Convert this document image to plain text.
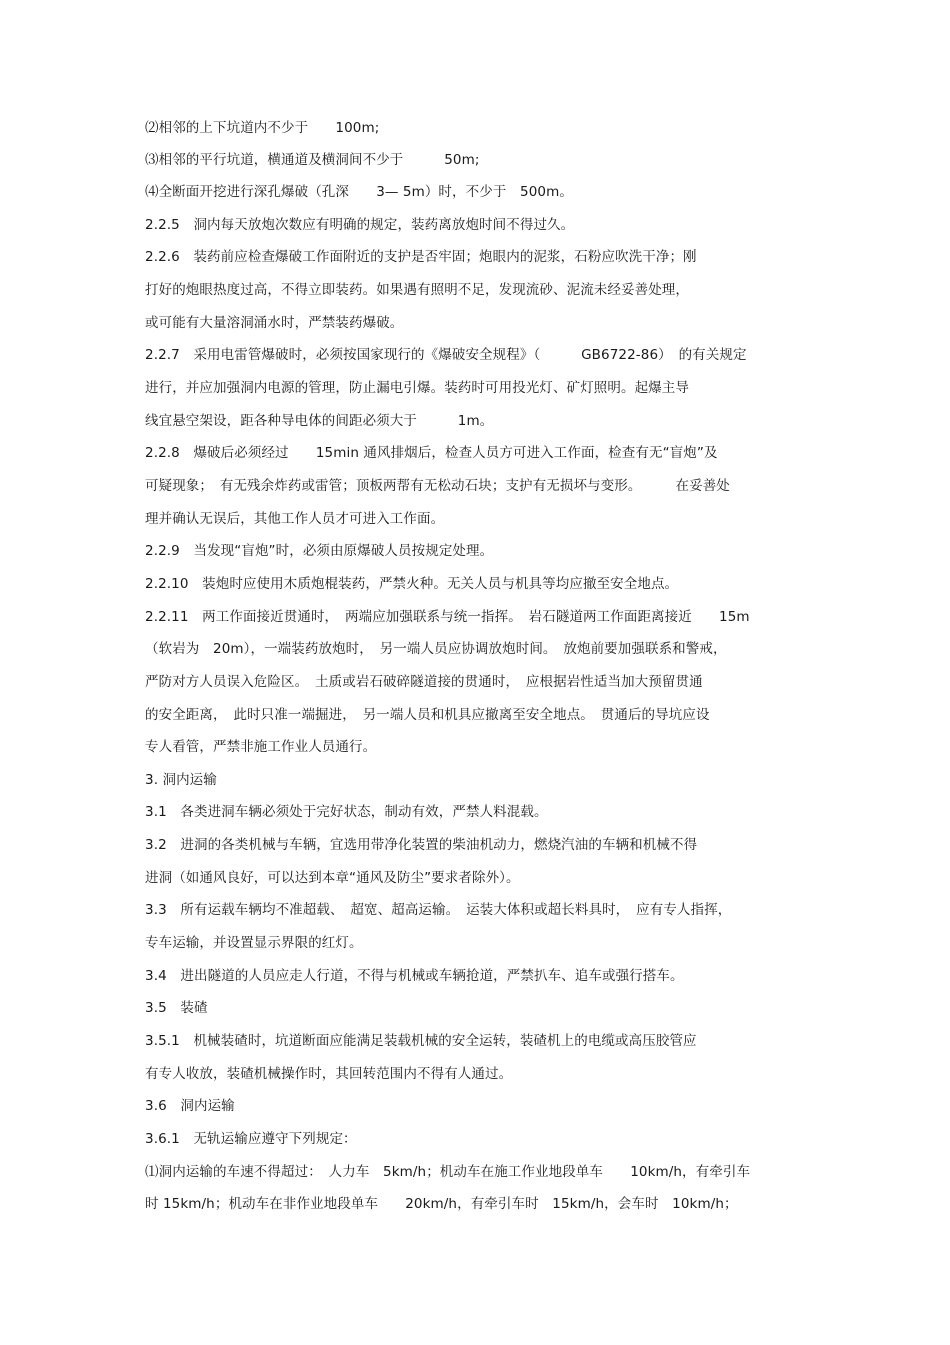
⑵相邻的上下坑道内不少于　　100m;
⑶相邻的平行坑道，横通道及横洞间不少于　　　50m;
⑷全断面开挖进行深孔爆破（孔深　　3— 5m）时，不少于　500m。
2.2.5　洞内每天放炮次数应有明确的规定，装药离放炮时间不得过久。
2.2.6　装药前应检查爆破工作面附近的支护是否牢固；炮眼内的泥浆，石粉应吹洗干净；刚
打好的炮眼热度过高，不得立即装药。如果遇有照明不足，发现流砂、泥流未经妥善处理，
或可能有大量溶洞涌水时，严禁装药爆破。
2.2.7　采用电雷管爆破时，必须按国家现行的《爆破安全规程》（　　　GB6722-86）　的有关规定
进行，并应加强洞内电源的管理，防止漏电引爆。装药时可用投光灯、矿灯照明。起爆主导
线宜悬空架设，距各种导电体的间距必须大于　　　1m。
2.2.8　爆破后必须经过　　15min 通风排烟后，检查人员方可进入工作面，检查有无“盲炮”及
可疑现象；　有无残余炸药或雷管；顶板两帮有无松动石块；支护有无损坏与变形。　　　在妥善处
理并确认无误后，其他工作人员才可进入工作面。
2.2.9　当发现“盲炮”时，必须由原爆破人员按规定处理。
2.2.10　装炮时应使用木质炮棍装药，严禁火种。无关人员与机具等均应撤至安全地点。
2.2.11　两工作面接近贯通时，　两端应加强联系与统一指挥。　岩石隧道两工作面距离接近　　15m
（软岩为　20m），一端装药放炮时，　另一端人员应协调放炮时间。　放炮前要加强联系和警戒，
严防对方人员误入危险区。　土质或岩石破碎隧道接的贯通时，　应根据岩性适当加大预留贯通
的安全距离，　此时只准一端掘进，　另一端人员和机具应撤离至安全地点。　贯通后的导坑应设
专人看管，严禁非施工作业人员通行。
3. 洞内运输
3.1　各类进洞车辆必须处于完好状态，制动有效，严禁人料混载。
3.2　进洞的各类机械与车辆，宜选用带净化装置的柴油机动力，燃烧汽油的车辆和机械不得
进洞（如通风良好，可以达到本章“通风及防尘”要求者除外）。
3.3　所有运载车辆均不准超载、　超宽、超高运输。　运装大体积或超长料具时，　应有专人指挥，
专车运输，并设置显示界限的红灯。
3.4　进出隧道的人员应走人行道，不得与机械或车辆抢道，严禁扒车、追车或强行搭车。
3.5　装碴
3.5.1　机械装碴时，坑道断面应能满足装载机械的安全运转，装碴机上的电缆或高压胶管应
有专人收放，装碴机械操作时，其回转范围内不得有人通过。
3.6　洞内运输
3.6.1　无轨运输应遵守下列规定：
⑴洞内运输的车速不得超过：　人力车　5km/h；机动车在施工作业地段单车　　10km/h，有牵引车
时 15km/h；机动车在非作业地段单车　　20km/h，有牵引车时　15km/h，会车时　10km/h；
